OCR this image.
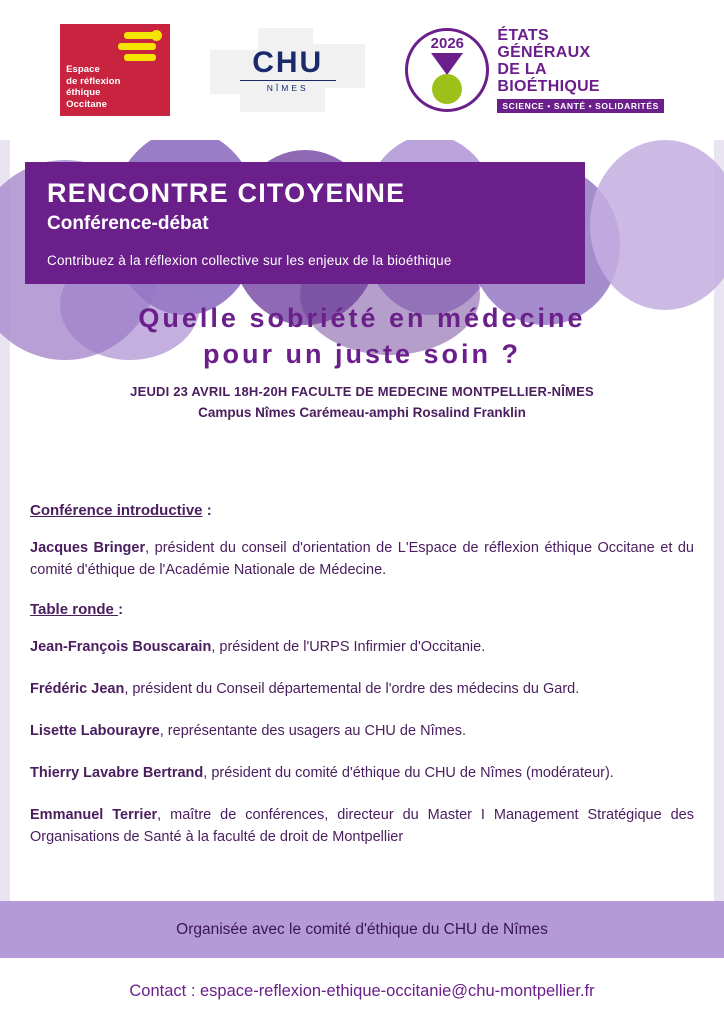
Espace
de réflexion
éthique
Occitane
CHU
NÎMES
2026	ÉTATS
GÉNÉRAUX
DE LA
BIOÉTHIQUE
SCIENCE • SANTÉ • SOLIDARITÉS
RENCONTRE CITOYENNE
Conférence-débat
Contribuez à la réflexion collective sur les enjeux de la bioéthique
Quelle sobriété en médecine
pour un juste soin ?
JEUDI 23 AVRIL 18H-20H FACULTE DE MEDECINE MONTPELLIER-NÎMES
Campus Nîmes Carémeau-amphi Rosalind Franklin
Conférence introductive :
Jacques Bringer, président du conseil d'orientation de L'Espace de réflexion éthique Occitane et du comité d'éthique de l'Académie Nationale de Médecine.
Table ronde :
Jean-François Bouscarain, président de l'URPS Infirmier d'Occitanie.
Frédéric Jean, président du Conseil départemental de l'ordre des médecins du Gard.
Lisette Labourayre, représentante des usagers au CHU de Nîmes.
Thierry Lavabre Bertrand, président du comité d'éthique du CHU de Nîmes (modérateur).
Emmanuel Terrier, maître de conférences, directeur du Master I Management Stratégique des Organisations de Santé à la faculté de droit de Montpellier
Organisée avec le comité d'éthique du CHU de Nîmes
Contact : espace-reflexion-ethique-occitanie@chu-montpellier.fr
